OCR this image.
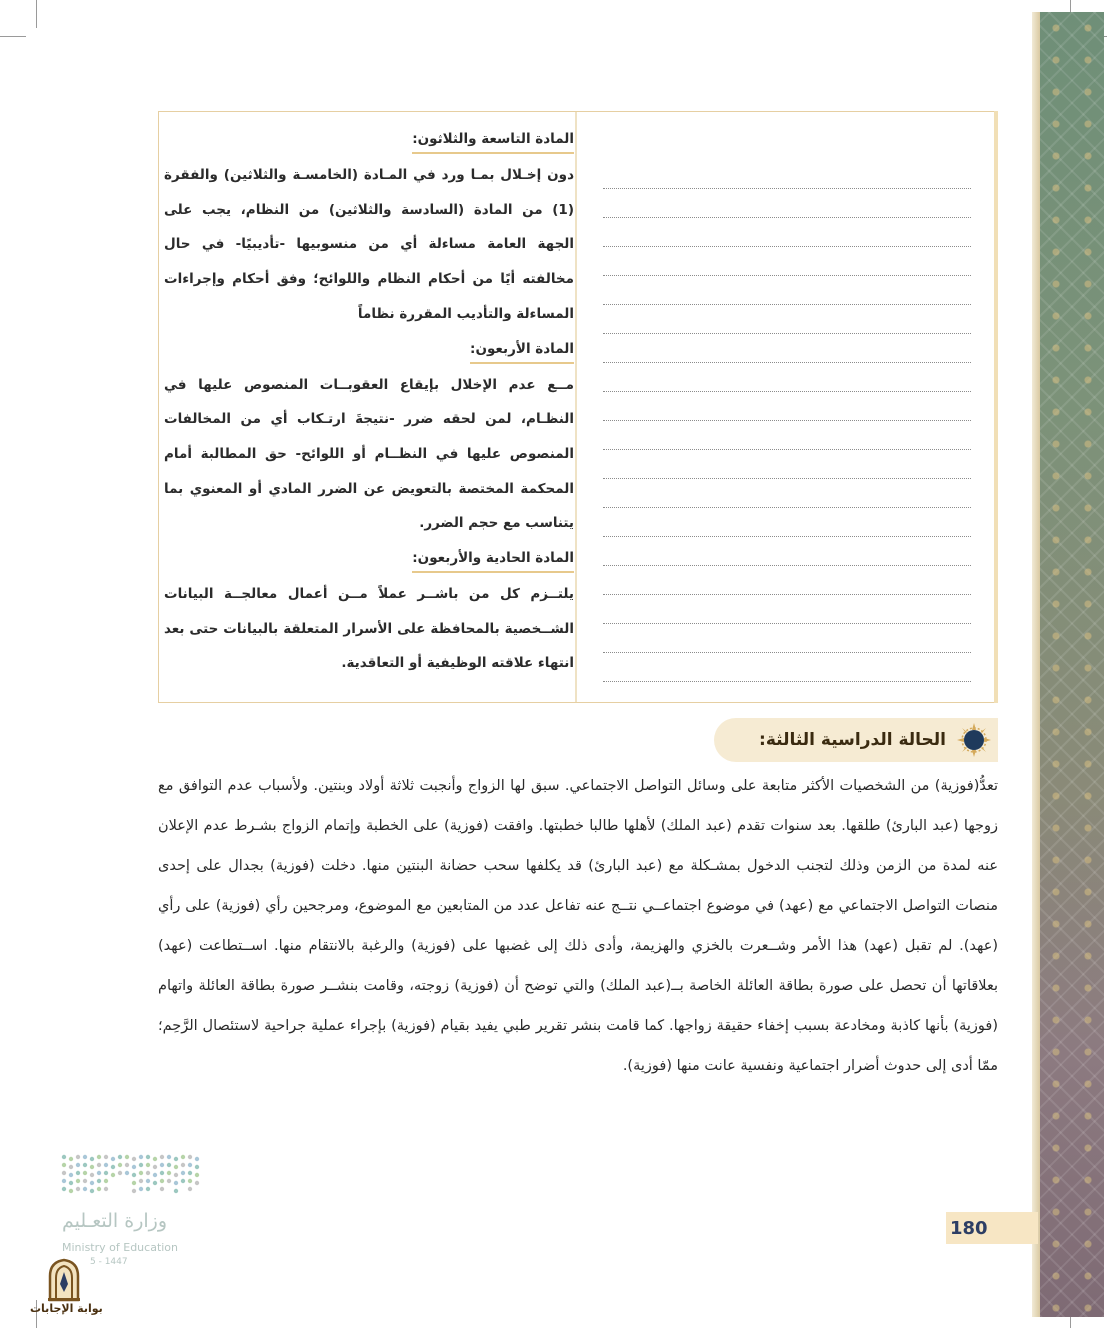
المادة التاسعة والثلاثون:
دون إخـلال بمـا ورد في المـادة (الخامسـة والثلاثين) والفقرة (1) من المادة (السادسة والثلاثين) من النظام، يجب على الجهة العامة مساءلة أي من منسوبيها -تأديبيًا- في حال مخالفته أيًا من أحكام النظام واللوائح؛ وفق أحكام وإجراءات المساءلة والتأديب المقررة نظاماً
المادة الأربعون:
مــع عدم الإخلال بإيقاع العقوبــات المنصوص عليها في النظـام، لمن لحقه ضرر -نتيجةَ ارتـكاب أي من المخالفات المنصوص عليها في النظــام أو اللوائح- حق المطالبة أمام المحكمة المختصة بالتعويض عن الضرر المادي أو المعنوي بما يتناسب مع حجم الضرر.
المادة الحادية والأربعون:
يلتــزم كل من باشــر عملاً مــن أعمال معالجــة البيانات الشــخصية بالمحافظة على الأسرار المتعلقة بالبيانات حتى بعد انتهاء علاقته الوظيفية أو التعاقدية.
الحالة الدراسية الثالثة:

تعدُّ(فوزية) من الشخصيات الأكثر متابعة على وسائل التواصل الاجتماعي. سبق لها الزواج وأنجبت ثلاثة أولاد وبنتين. ولأسباب عدم التوافق مع زوجها (عبد البارئ) طلقها. بعد سنوات تقدم (عبد الملك) لأهلها طالبا خطبتها. وافقت (فوزية) على الخطبة وإتمام الزواج بشـرط عدم الإعلان عنه لمدة من الزمن وذلك لتجنب الدخول بمشـكلة مع (عبد البارئ) قد يكلفها سحب حضانة البنتين منها. دخلت (فوزية) بجدال على إحدى منصات التواصل الاجتماعي مع (عهد) في موضوع اجتماعــي نتــج عنه تفاعل عدد من المتابعين مع الموضوع، ومرجحين رأي (فوزية) على رأي (عهد). لم تقبل (عهد) هذا الأمر وشــعرت بالخزي والهزيمة، وأدى ذلك إلى غضبها على (فوزية) والرغبة بالانتقام منها. اســتطاعت (عهد) بعلاقاتها أن تحصل على صورة بطاقة العائلة الخاصة بــ(عبد الملك) والتي توضح أن (فوزية) زوجته، وقامت بنشــر صورة بطاقة العائلة واتهام (فوزية) بأنها كاذبة ومخادعة بسبب إخفاء حقيقة زواجها. كما قامت بنشر تقرير طبي يفيد بقيام (فوزية) بإجراء عملية جراحية لاستئصال الرَّحِم؛ ممّا أدى إلى حدوث أضرار اجتماعية ونفسية عانت منها (فوزية).

وزارة التعـليم
Ministry of Education
5 - 1447
بوابة الإجابات
180
